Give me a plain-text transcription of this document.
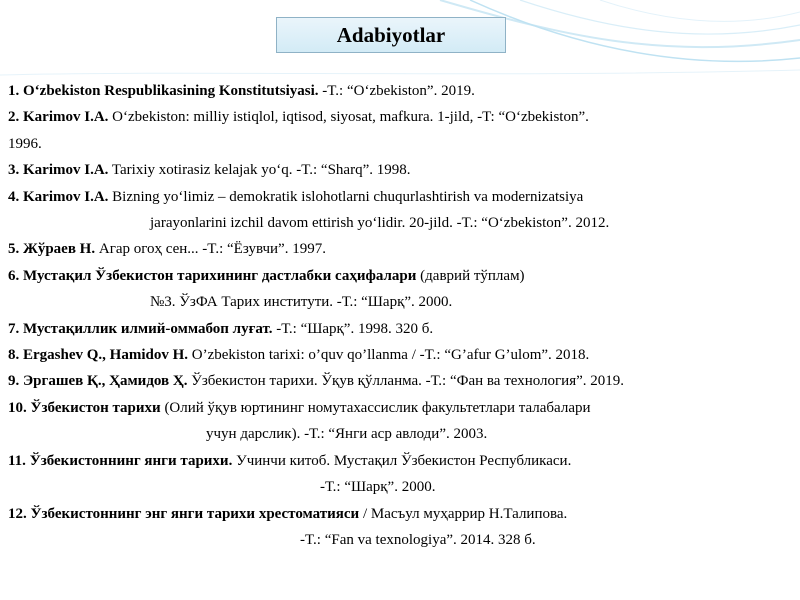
Adabiyotlar
1. O‘zbekiston Respublikasining Konstitutsiyasi. -T.: “O‘zbekiston”. 2019.
2. Karimov I.A. O‘zbekiston: milliy istiqlol, iqtisod, siyosat, mafkura. 1-jild, -T: “O‘zbekiston”.
1996.
3. Karimov I.A. Tarixiy xotirasiz kelajak yo‘q. -T.: “Sharq”. 1998.
4. Karimov I.A. Bizning yo‘limiz – demokratik islohotlarni chuqurlashtirish va modernizatsiya
jarayonlarini izchil davom ettirish yo‘lidir. 20-jild. -T.: “O‘zbekiston”. 2012.
5. Жўраев Н. Агар огоҳ сен... -T.: “Ёзувчи”. 1997.
6. Мустақил Ўзбекистон тарихининг дастлабки саҳифалари (даврий тўплам)
№3. ЎзФА Тарих институти. -Т.: “Шарқ”. 2000.
7. Мустақиллик илмий-оммабоп луғат. -Т.: “Шарқ”. 1998. 320 б.
8. Ergashev Q., Hamidov H. O’zbekiston tarixi: o’quv qo’llanma / -T.: “G’afur G’ulom”. 2018.
9. Эргашев Қ., Ҳамидов Ҳ. Ўзбекистон тарихи. Ўқув қўлланма. -Т.: “Фан ва технология”. 2019.
10. Ўзбекистон тарихи (Олий ўқув юртининг номутахассислик факультетлари талабалари
учун дарслик). -Т.: “Янги аср авлоди”. 2003.
11. Ўзбекистоннинг янги тарихи. Учинчи китоб. Мустақил Ўзбекистон Республикаси.
-Т.: “Шарқ”. 2000.
12. Ўзбекистоннинг энг янги тарихи хрестоматияси / Масъул муҳаррир Н.Талипова.
-T.: “Fan va texnologiya”. 2014. 328 б.
